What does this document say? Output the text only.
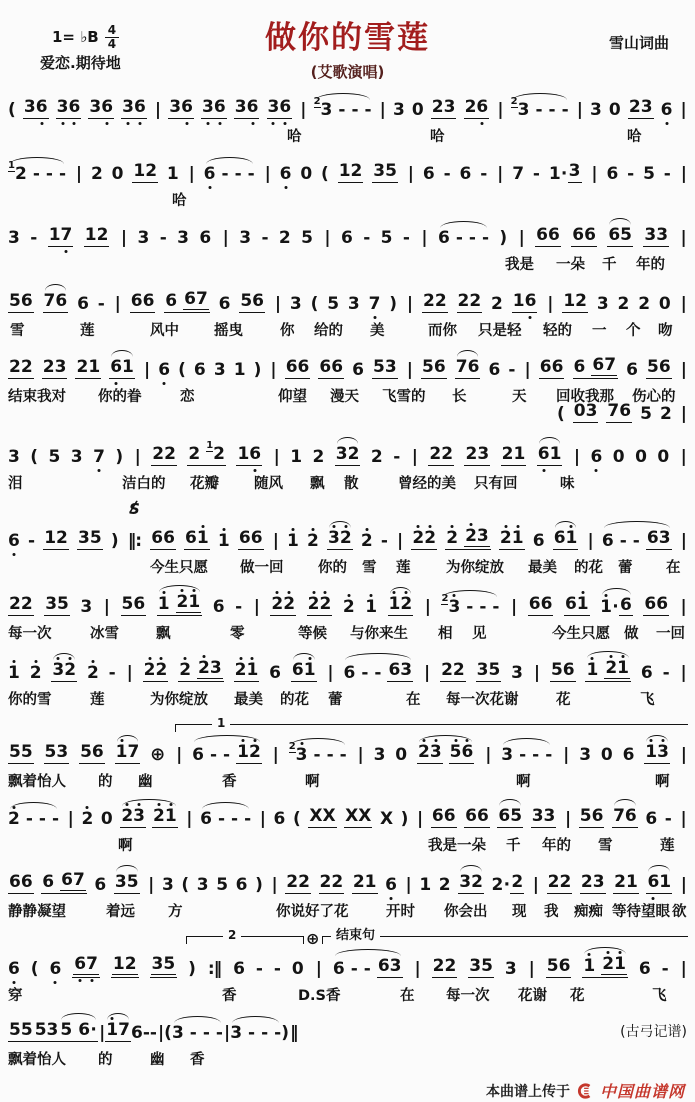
1= ♭B $\frac{4}{4}$
爱恋.期待地
做你的雪莲
(艾歌演唱)
雪山词曲
( 3 6 3 6 3 6 3 6 | 3 6 3 6 3 6 3 6 | 2 3
-
-
- | 3 0 2 3 2 6 | 2 3
-
-
- | 3 0 2 3 6 |
哈	哈	哈
1 2
-
-
- | 2 0 1 2 1 | 6
-
-
- | 6 0 ( 1 2 3 5 | 6 - 6 - | 7 - 1 · 3 | 6 - 5 - |
哈
3 - 1 7 1 2 | 3 - 3 6 | 3 - 2 5 | 6 - 5 - | 6
-
-
- ) | 6 6 6 6 6 5 3 3 |
我是 一朵 千 年的
5 6 7 6 6 - | 6 6 6
6 7 6 5 6 | 3 ( 5 3 7 ) | 2 2 2 2 2 1 6 | 1 2 3 2 2 0 |
雪	莲	风中 摇曳	你 给的 美	而你 只是轻 轻的 一 个 吻
2 2 2 3 2 1 6 1 | 6 ( 6 3 1 ) | 6 6 6 6 6 5 3 | 5 6 7 6 6 - | 6 6 6
6 7 6 5 6 |
结束我对 你的眷	恋	仰望 漫天 飞雪的 长	天 回收我那 伤心的
( 0 3 7 6 5 2 |
3 ( 5 3 7 ) | 2 2 2
1 2 1 6 | 1 2 3 2 2 - | 2 2 2 3 2 1 6 1 | 6 0 0 0 |
泪	洁白的 花瓣 随风 飘 散	曾经的美 只有回	味
/ S
6 - 1 2 3 5 ) ‖: 6 6 6 1 1 6 6 | 1 2 3 2 2 - | 2 2 2
2 3 2 1 6 6 1 | 6
-
-
6 3 |
今生只愿 做一回 你的 雪 莲 为你绽放 最美 的花 蕾 在
2 2 3 5 3 | 5 6 1
2 1 6 - | 2 2 2 2 2 1 1 2 | 2 3
-
-
- | 6 6 6 1 1 · 6 6 6 |
每一次	冰雪	飘	零	等候 与你来生 相 见	今生只愿 做 一回
1 2 3 2 2 - | 2 2 2
2 3 2 1 6 6 1 | 6
-
-
6 3 | 2 2 3 5 3 | 5 6 1
2 1 6 - |
你的雪	莲	为你绽放 最美 的花 蕾	在 每一次花谢	花	飞
1
5 5 5 3 5 6 1 7 ⊕ | 6
-
-
1 2 | 2 3
-
-
- | 3 0 2 3
5 6 | 3
-
-
- | 3 0 6 1 3 |
飘着怡人 的 幽	香	啊	啊	啊
2
-
-
- | 2 0 2 3
2 1 | 6
-
-
- | 6 ( X X X X X ) | 6 6 6 6 6 5 3 3 | 5 6 7 6 6 - |
啊	我是一朵 千 年的 雪	莲
6 6 6
6 7 6 3 5 | 3 ( 3 5 6 ) | 2 2 2 2 2 1 6 | 1 2 3 2 2 · 2 | 2 2 2 3 2 1 6 1 |
静静凝望	着远 方	你说好了花	开时 你会出 现 我 痴痴 等待望眼 欲
2	⊕	结束句
6 ( 6 6 7 1 2 3 5 ) :‖ 6 - - 0 | 6
-
-
6 3 | 2 2 3 5 3 | 5 6 1
2 1 6 - |
穿	香	D.S香	在 每一次 花谢 花	飞
5 5 5 3 5
6 · | 1 7 6 - - | ( 3
-
-
- | 3
-
-
- ) ‖	(古弓记谱)
飘着怡人 的	幽 香
本曲谱上传于 中国曲谱网
